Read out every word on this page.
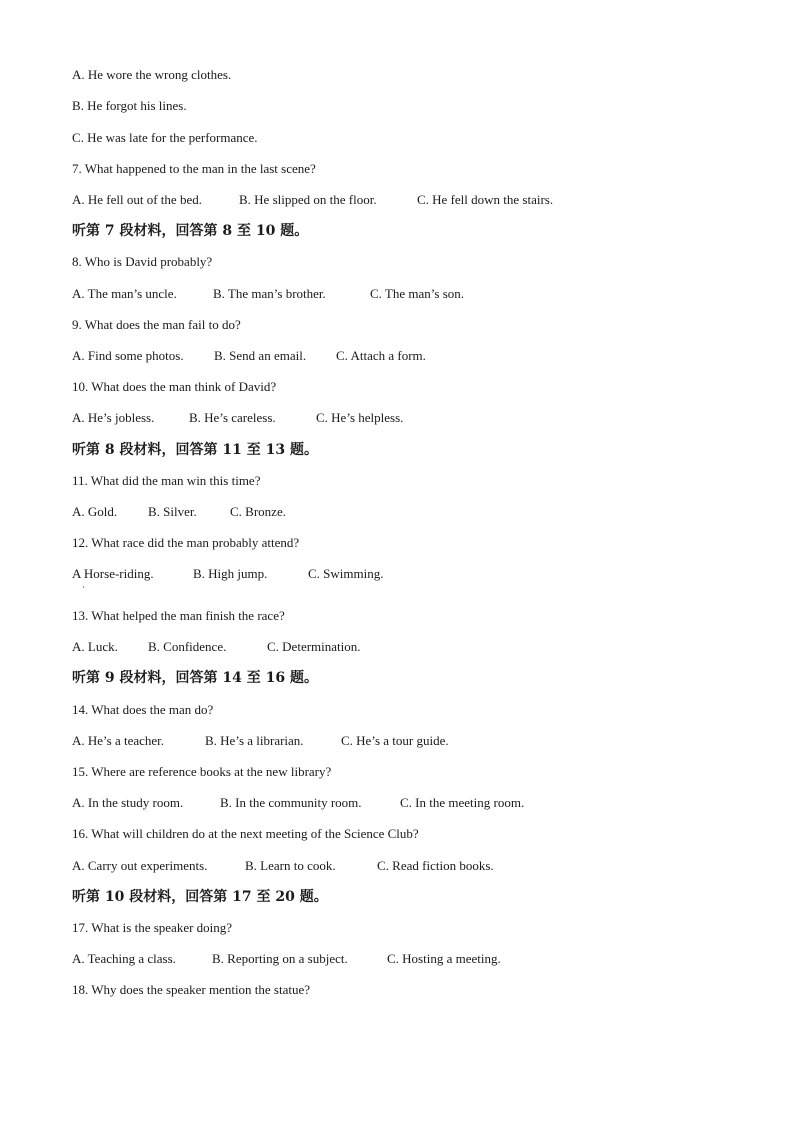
A. He wore the wrong clothes.
B. He forgot his lines.
C. He was late for the performance.
7. What happened to the man in the last scene?
A. He fell out of the bed.	B. He slipped on the floor.	C. He fell down the stairs.
听第 7 段材料，回答第 8 至 10 题。
8. Who is David probably?
A. The man’s uncle.	B. The man’s brother.	C. The man’s son.
9. What does the man fail to do?
A. Find some photos. B. Send an email. C. Attach a form.
10. What does the man think of David?
A. He’s jobless.	B. He’s careless.	C. He’s helpless.
听第 8 段材料，回答第 11 至 13 题。
11. What did the man win this time?
A. Gold. B. Silver.	C. Bronze.
12. What race did the man probably attend?
A Horse-riding.	B. High jump.	C. Swimming.
13. What helped the man finish the race?
A. Luck. B. Confidence.	C. Determination.
听第 9 段材料，回答第 14 至 16 题。
14. What does the man do?
A. He’s a teacher.	B. He’s a librarian.	C. He’s a tour guide.
15. Where are reference books at the new library?
A. In the study room.	B. In the community room.	C. In the meeting room.
16. What will children do at the next meeting of the Science Club?
A. Carry out experiments.	B. Learn to cook.	C. Read fiction books.
听第 10 段材料，回答第 17 至 20 题。
17. What is the speaker doing?
A. Teaching a class.	B. Reporting on a subject.	C. Hosting a meeting.
18. Why does the speaker mention the statue?
·
